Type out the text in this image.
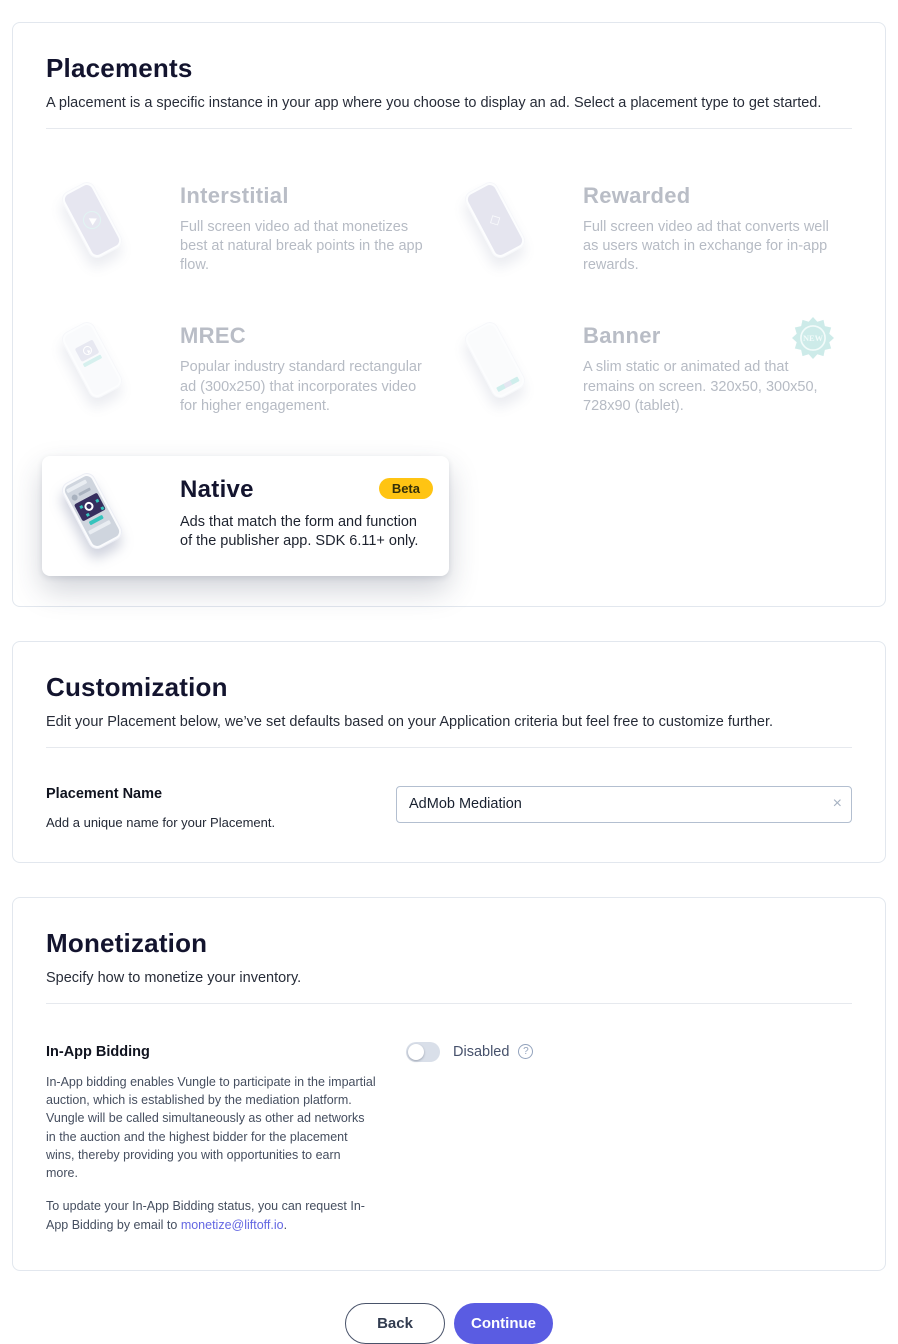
Placements

A placement is a specific instance in your app where you choose to display an ad. Select a placement type to get started.

Interstitial
Full screen video ad that monetizes best at natural break points in the app flow.
◇
Rewarded
Full screen video ad that converts well as users watch in exchange for in-app rewards.
MREC
Popular industry standard rectangular ad (300x250) that incorporates video for higher engagement.
Banner
A slim static or animated ad that remains on screen. 320x50, 300x50, 728x90 (tablet).
NEW
Native	Beta
Ads that match the form and function of the publisher app. SDK 6.11+ only.
Customization

Edit your Placement below, we’ve set defaults based on your Application criteria but feel free to customize further.

Placement Name
Add a unique name for your Placement.
AdMob Mediation
×
Monetization

Specify how to monetize your inventory.

In-App Bidding

In-App bidding enables Vungle to participate in the impartial auction, which is established by the mediation platform. Vungle will be called simultaneously as other ad networks in the auction and the highest bidder for the placement wins, thereby providing you with opportunities to earn more.

To update your In-App Bidding status, you can request In-App Bidding by email to monetize@liftoff.io.

Disabled	?
Back	Continue
